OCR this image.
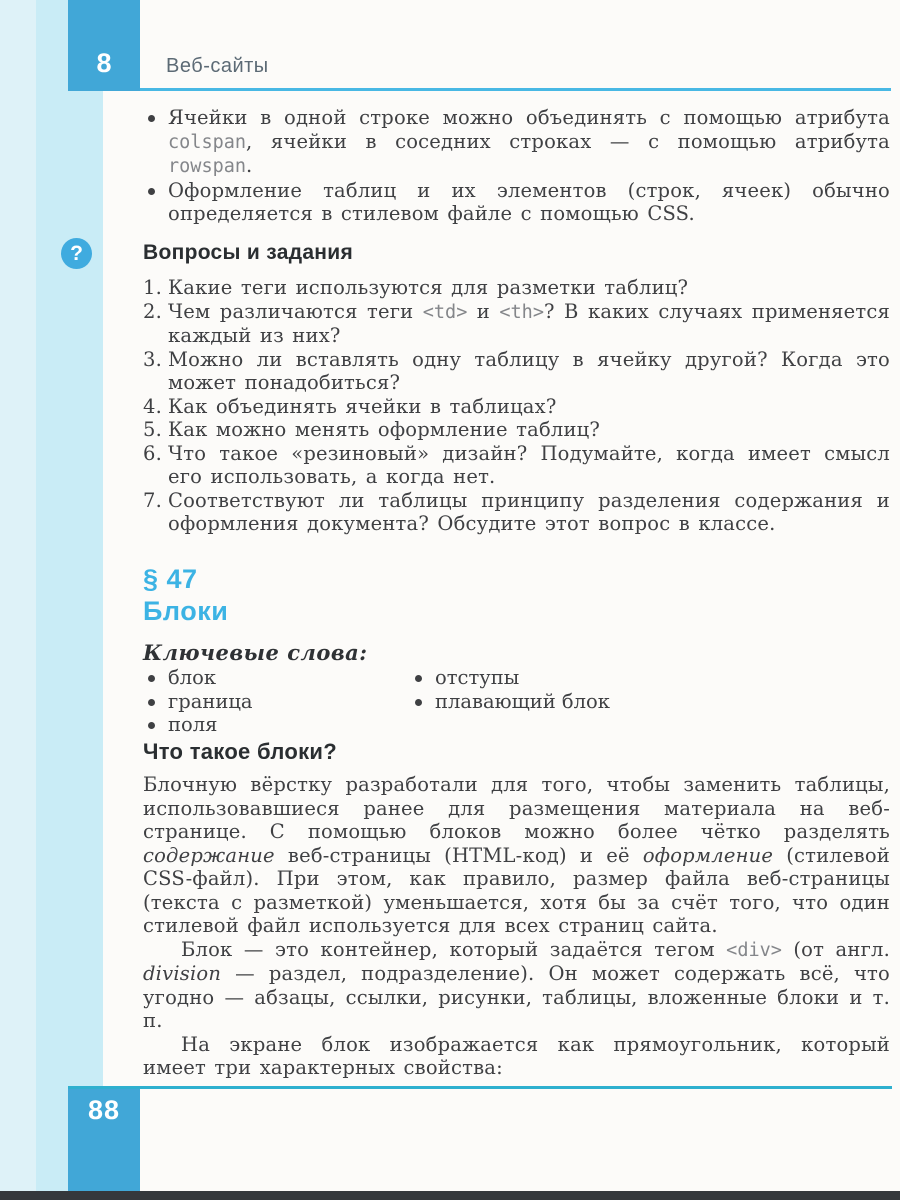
8	Веб-сайты
?
Ячейки в одной строке можно объединять с помощью атрибута colspan, ячейки в соседних строках — с помощью атрибута rowspan.
Оформление таблиц и их элементов (строк, ячеек) обычно определяется в стилевом файле с помощью CSS.
Вопросы и задания
Какие теги используются для разметки таблиц?
Чем различаются теги <td> и <th>? В каких случаях применяется каждый из них?
Можно ли вставлять одну таблицу в ячейку другой? Когда это может понадобиться?
Как объединять ячейки в таблицах?
Как можно менять оформление таблиц?
Что такое «резиновый» дизайн? Подумайте, когда имеет смысл его использовать, а когда нет.
Соответствуют ли таблицы принципу разделения содержания и оформления документа? Обсудите этот вопрос в классе.
§ 47
Блоки
Ключевые слова:
блок
граница
поля
отступы
плавающий блок
Что такое блоки?

Блочную вёрстку разработали для того, чтобы заменить таблицы, использовавшиеся ранее для размещения материала на веб-странице. С помощью блоков можно более чётко разделять содержание веб-страницы (HTML-код) и её оформление (стилевой CSS-файл). При этом, как правило, размер файла веб-страницы (текста с разметкой) уменьшается, хотя бы за счёт того, что один стилевой файл используется для всех страниц сайта.

Блок — это контейнер, который задаётся тегом <div> (от англ. division — раздел, подразделение). Он может содержать всё, что угодно — абзацы, ссылки, рисунки, таблицы, вложенные блоки и т. п.

На экране блок изображается как прямоугольник, который имеет три характерных свойства:

88
